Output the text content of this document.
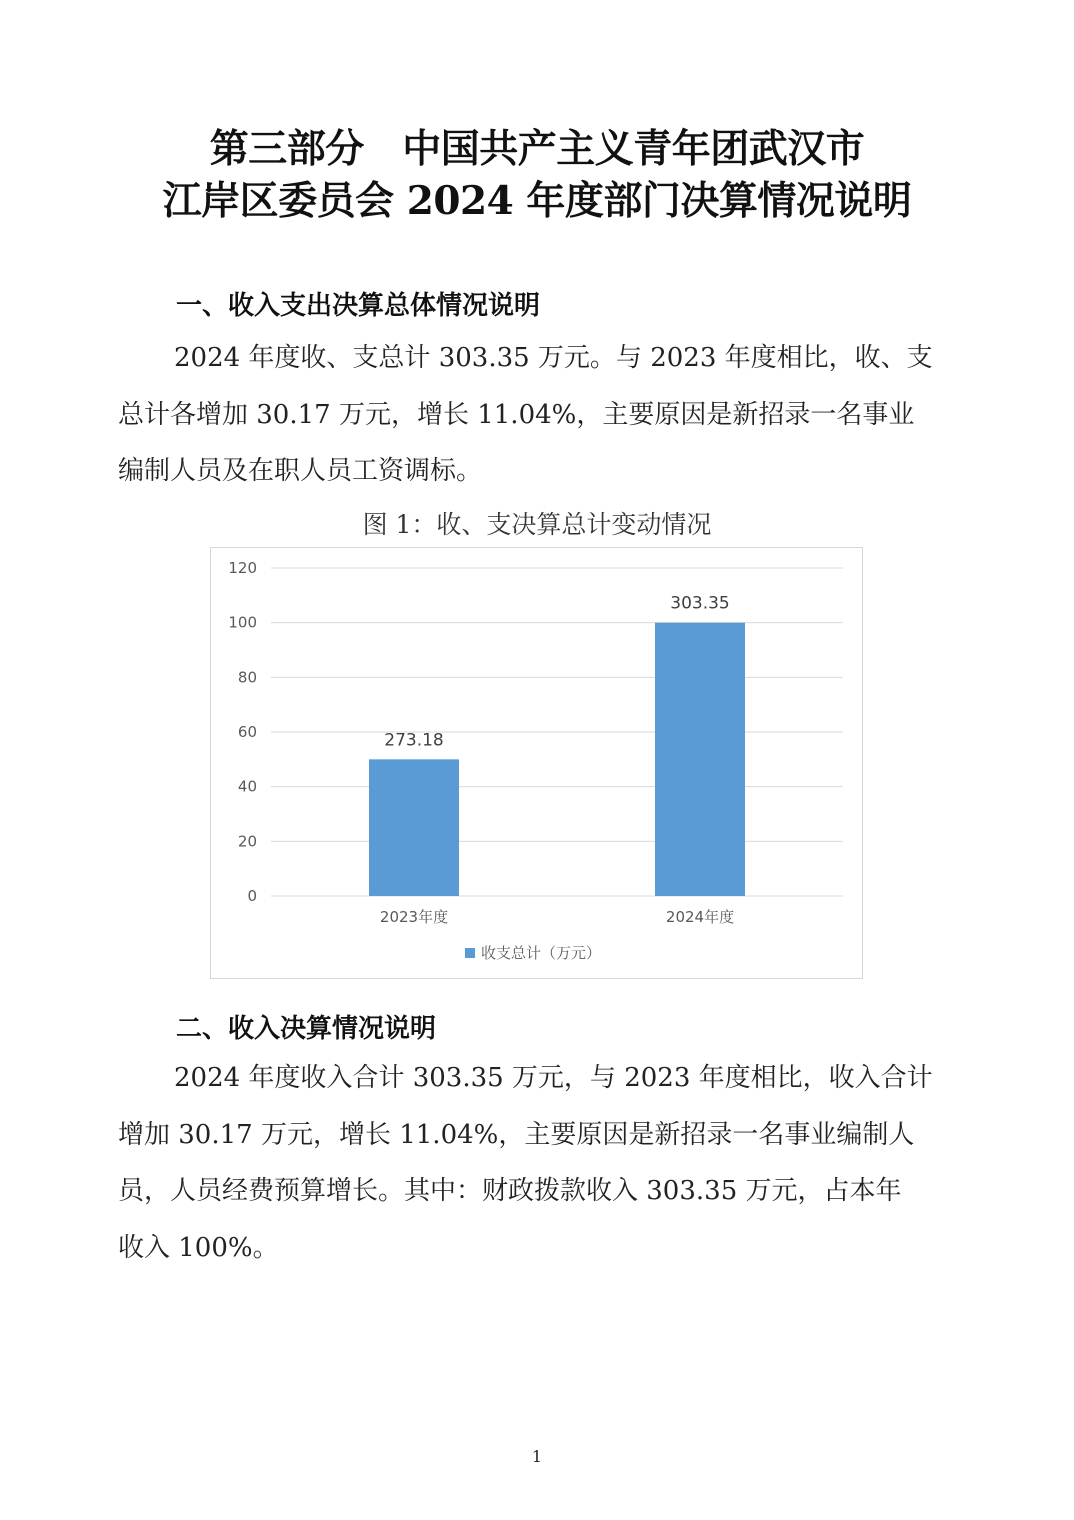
第三部分　中国共产主义青年团武汉市
江岸区委员会 2024 年度部门决算情况说明
一、收入支出决算总体情况说明
2024 年度收、支总计 303.35 万元。与 2023 年度相比，收、支
总计各增加 30.17 万元，增长 11.04%，主要原因是新招录一名事业
编制人员及在职人员工资调标。
图 1：收、支决算总计变动情况
273.18
303.35
0
20
40
60
80
100
120
2023年度	2024年度
收支总计（万元）
二、收入决算情况说明
2024 年度收入合计 303.35 万元，与 2023 年度相比，收入合计
增加 30.17 万元，增长 11.04%，主要原因是新招录一名事业编制人
员，人员经费预算增长。其中：财政拨款收入 303.35 万元，占本年
收入 100%。
1
